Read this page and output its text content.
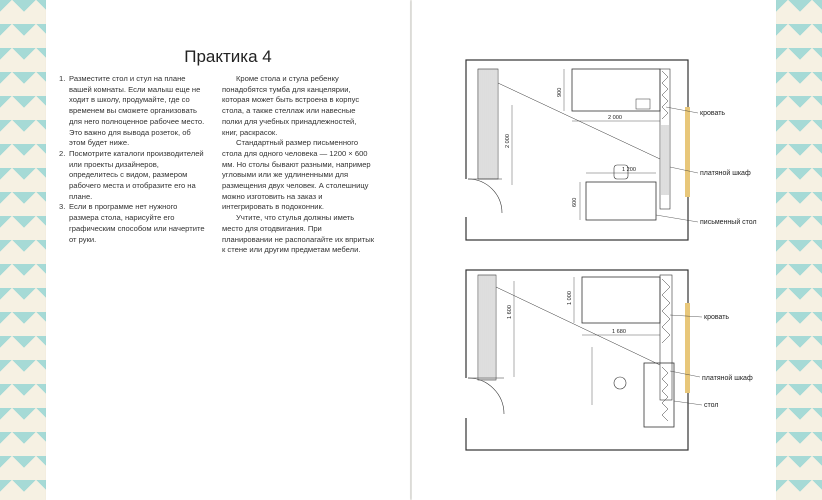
Практика 4
1. Разместите стол и стул на плане вашей комнаты. Если малыш еще не ходит в школу, продумайте, где со временем вы сможете организовать для него полноценное рабочее место. Это важно для вывода розеток, об этом будет ниже.
2. Посмотрите каталоги производителей или проекты дизайнеров, определитесь с видом, размером рабочего места и отобразите его на плане.
3. Если в программе нет нужного размера стола, нарисуйте его графическим способом или начертите от руки.

Кроме стола и стула ребенку понадобятся тумба для канцелярии, которая может быть встроена в корпус стола, а также стеллаж или навесные полки для учебных принадлежностей, книг, раскрасок.

Стандартный размер письменного стола для одного человека — 1200 × 600 мм. Но столы бывают разными, например угловыми или же удлиненными для размещения двух человек. А столешницу можно изготовить на заказ и интегрировать в подоконник.

Учтите, что стулья должны иметь место для отодвигания. При планировании не располагайте их впритык к стене или другим предметам мебели.

2 000
900
2 000
600
1 200
кровать
платяной шкаф
письменный стол
1 600
1 000
1 680
кровать
платяной шкаф
стол
